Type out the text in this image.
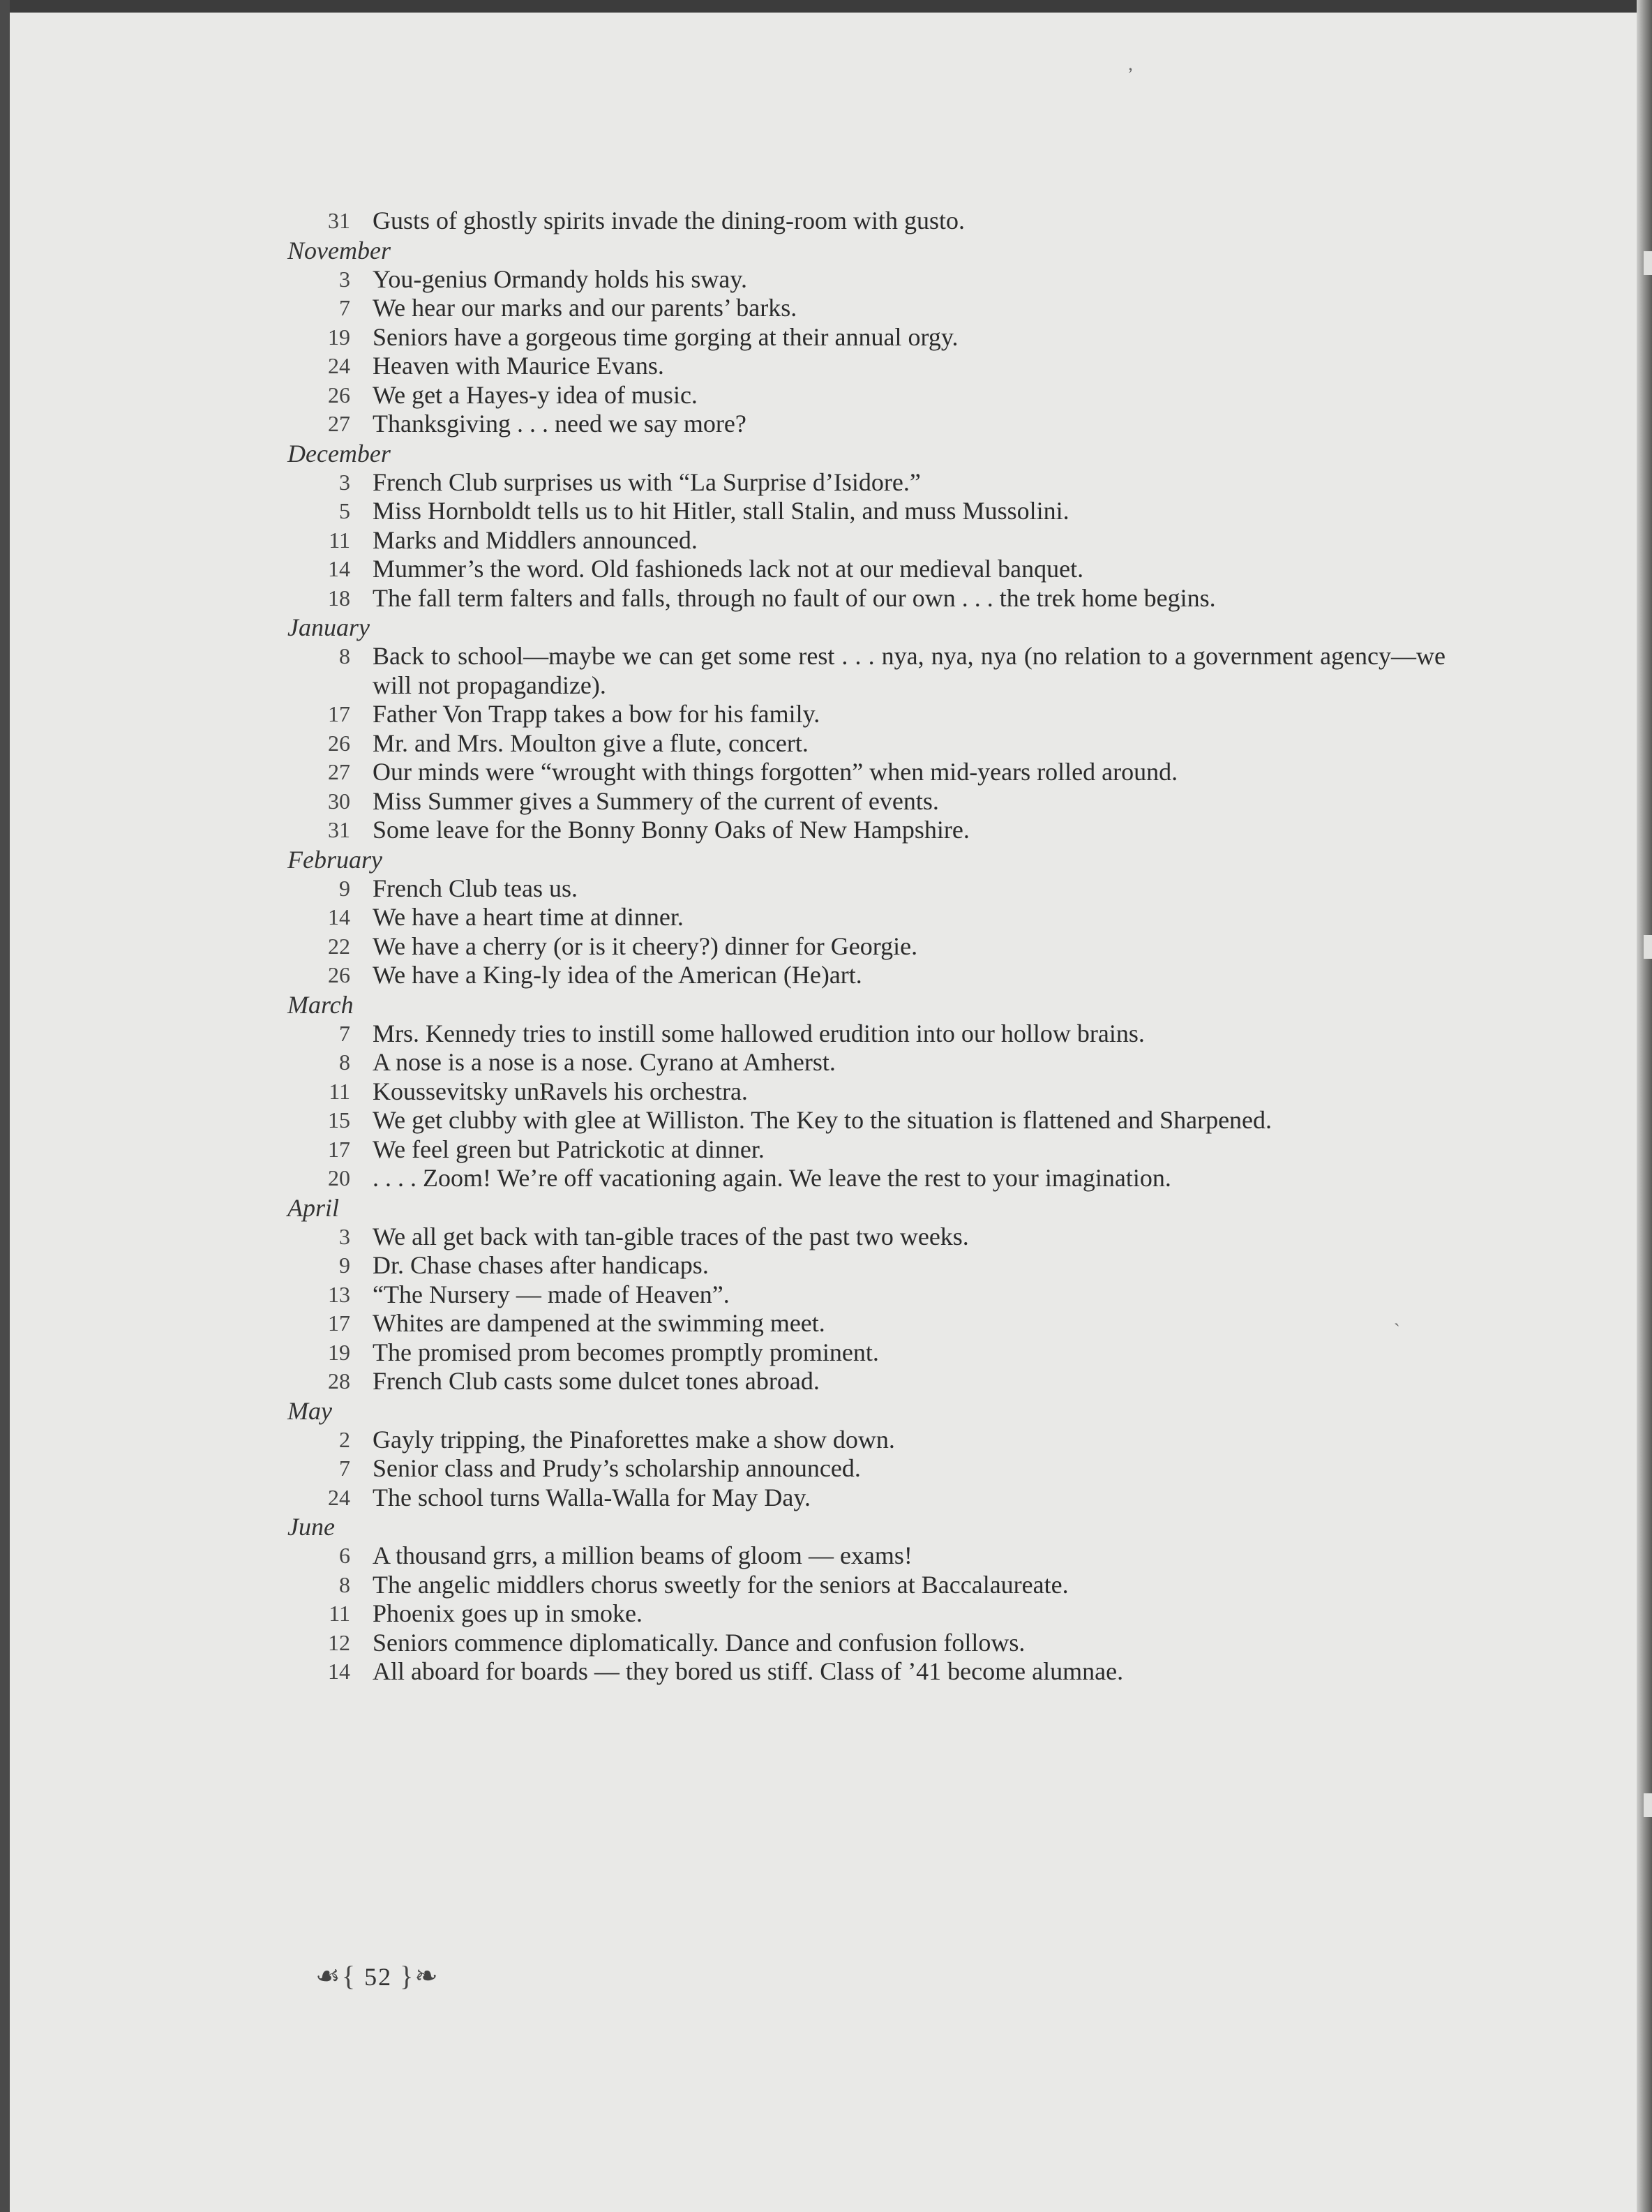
ʼ
˴
31 Gusts of ghostly spirits invade the dining-room with gusto.
November
3 You-genius Ormandy holds his sway.
7 We hear our marks and our parents’ barks.
19 Seniors have a gorgeous time gorging at their annual orgy.
24 Heaven with Maurice Evans.
26 We get a Hayes-y idea of music.
27 Thanksgiving . . . need we say more?
December
3 French Club surprises us with “La Surprise d’Isidore.”
5 Miss Hornboldt tells us to hit Hitler, stall Stalin, and muss Mussolini.
11 Marks and Middlers announced.
14 Mummer’s the word. Old fashioneds lack not at our medieval banquet.
18 The fall term falters and falls, through no fault of our own . . . the trek home begins.
January
8 Back to school—maybe we can get some rest . . . nya, nya, nya (no relation to a government agency—we will not propagandize).
17 Father Von Trapp takes a bow for his family.
26 Mr. and Mrs. Moulton give a flute, concert.
27 Our minds were “wrought with things forgotten” when mid-years rolled around.
30 Miss Summer gives a Summery of the current of events.
31 Some leave for the Bonny Bonny Oaks of New Hampshire.
February
9 French Club teas us.
14 We have a heart time at dinner.
22 We have a cherry (or is it cheery?) dinner for Georgie.
26 We have a King-ly idea of the American (He)art.
March
7 Mrs. Kennedy tries to instill some hallowed erudition into our hollow brains.
8 A nose is a nose is a nose. Cyrano at Amherst.
11 Koussevitsky unRavels his orchestra.
15 We get clubby with glee at Williston. The Key to the situation is flattened and Sharpened.
17 We feel green but Patrickotic at dinner.
20 . . . . Zoom! We’re off vacationing again. We leave the rest to your imagination.
April
3 We all get back with tan-gible traces of the past two weeks.
9 Dr. Chase chases after handicaps.
13 “The Nursery — made of Heaven”.
17 Whites are dampened at the swimming meet.
19 The promised prom becomes promptly prominent.
28 French Club casts some dulcet tones abroad.
May
2 Gayly tripping, the Pinaforettes make a show down.
7 Senior class and Prudy’s scholarship announced.
24 The school turns Walla-Walla for May Day.
June
6 A thousand grrs, a million beams of gloom — exams!
8 The angelic middlers chorus sweetly for the seniors at Baccalaureate.
11 Phoenix goes up in smoke.
12 Seniors commence diplomatically. Dance and confusion follows.
14 All aboard for boards — they bored us stiff. Class of ’41 become alumnae.
☙{ 52 }❧
